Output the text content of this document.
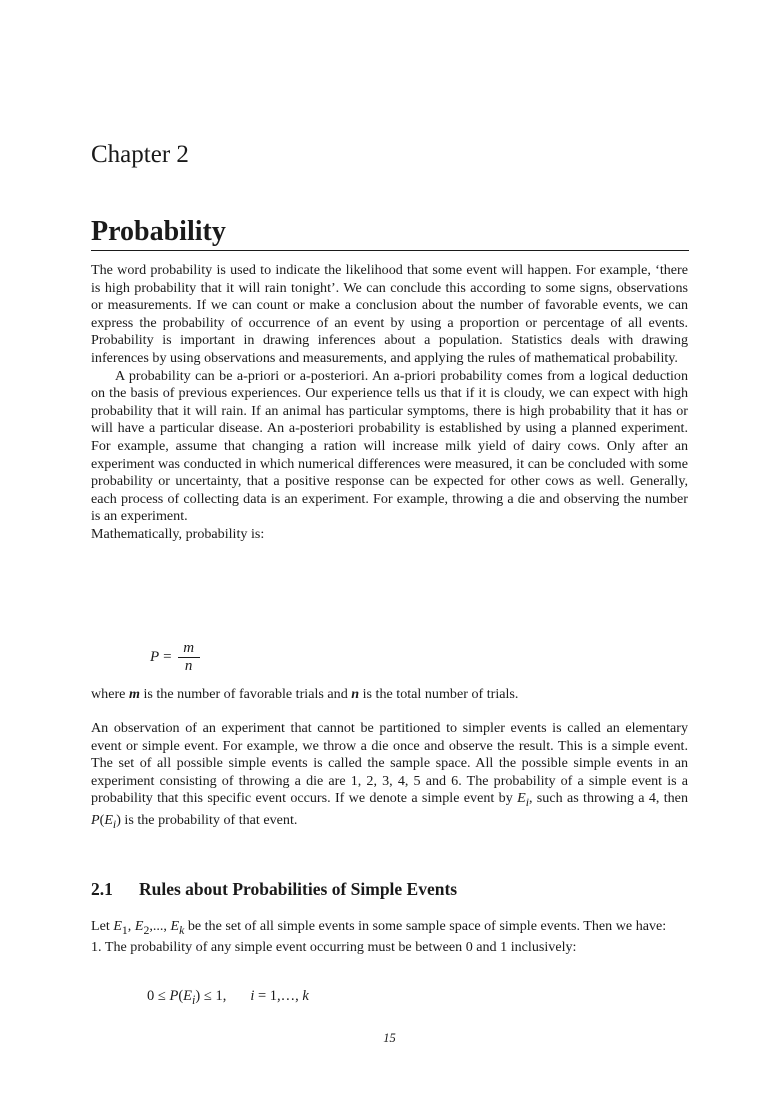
Chapter 2
Probability

The word probability is used to indicate the likelihood that some event will happen. For example, ‘there is high probability that it will rain tonight’. We can conclude this according to some signs, observations or measurements. If we can count or make a conclusion about the number of favorable events, we can express the probability of occurrence of an event by using a proportion or percentage of all events. Probability is important in drawing inferences about a population. Statistics deals with drawing inferences by using observations and measurements, and applying the rules of mathematical probability.

A probability can be a-priori or a-posteriori. An a-priori probability comes from a logical deduction on the basis of previous experiences. Our experience tells us that if it is cloudy, we can expect with high probability that it will rain. If an animal has particular symptoms, there is high probability that it has or will have a particular disease. An a-posteriori probability is established by using a planned experiment. For example, assume that changing a ration will increase milk yield of dairy cows. Only after an experiment was conducted in which numerical differences were measured, it can be concluded with some probability or uncertainty, that a positive response can be expected for other cows as well. Generally, each process of collecting data is an experiment. For example, throwing a die and observing the number is an experiment.

Mathematically, probability is:

$P = \frac{m}{n}$

where m is the number of favorable trials and n is the total number of trials.

An observation of an experiment that cannot be partitioned to simpler events is called an elementary event or simple event. For example, we throw a die once and observe the result. This is a simple event. The set of all possible simple events is called the sample space. All the possible simple events in an experiment consisting of throwing a die are 1, 2, 3, 4, 5 and 6. The probability of a simple event is a probability that this specific event occurs. If we denote a simple event by $E_i$, such as throwing a 4, then $P(E_i)$ is the probability of that event.

2.1 Rules about Probabilities of Simple Events

Let $E_1$, $E_2$,..., $E_k$ be the set of all simple events in some sample space of simple events. Then we have:

1. The probability of any simple event occurring must be between 0 and 1 inclusively:

$0 \le P(E_i) \le 1$, i = 1,…, k
15
